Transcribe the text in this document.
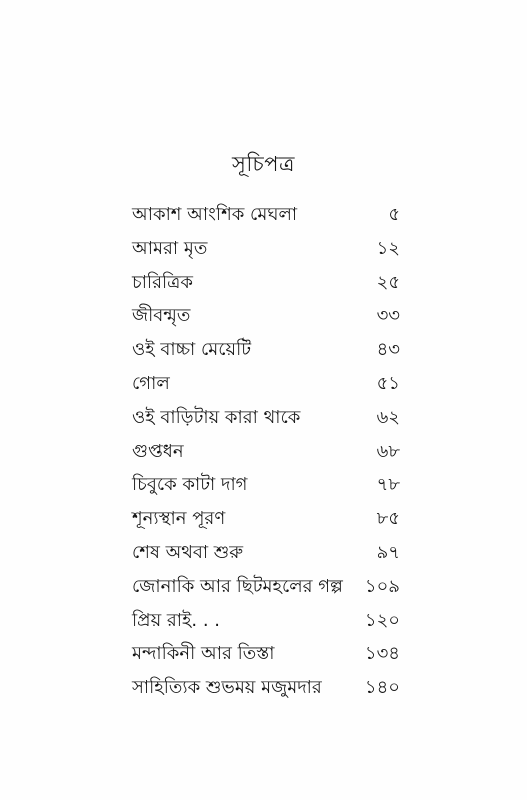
সূচিপত্র
আকাশ আংশিক মেঘলা	৫
আমরা মৃত	১২
চারিত্রিক	২৫
জীবন্মৃত	৩৩
ওই বাচ্চা মেয়েটি	৪৩
গোল	৫১
ওই বাড়িটায় কারা থাকে	৬২
গুপ্তধন	৬৮
চিবুকে কাটা দাগ	৭৮
শূন্যস্থান পূরণ	৮৫
শেষ অথবা শুরু	৯৭
জোনাকি আর ছিটমহলের গল্প ১০৯
প্রিয় রাই. . .	১২০
মন্দাকিনী আর তিস্তা	১৩৪
সাহিত্যিক শুভময় মজুমদার ১৪০
